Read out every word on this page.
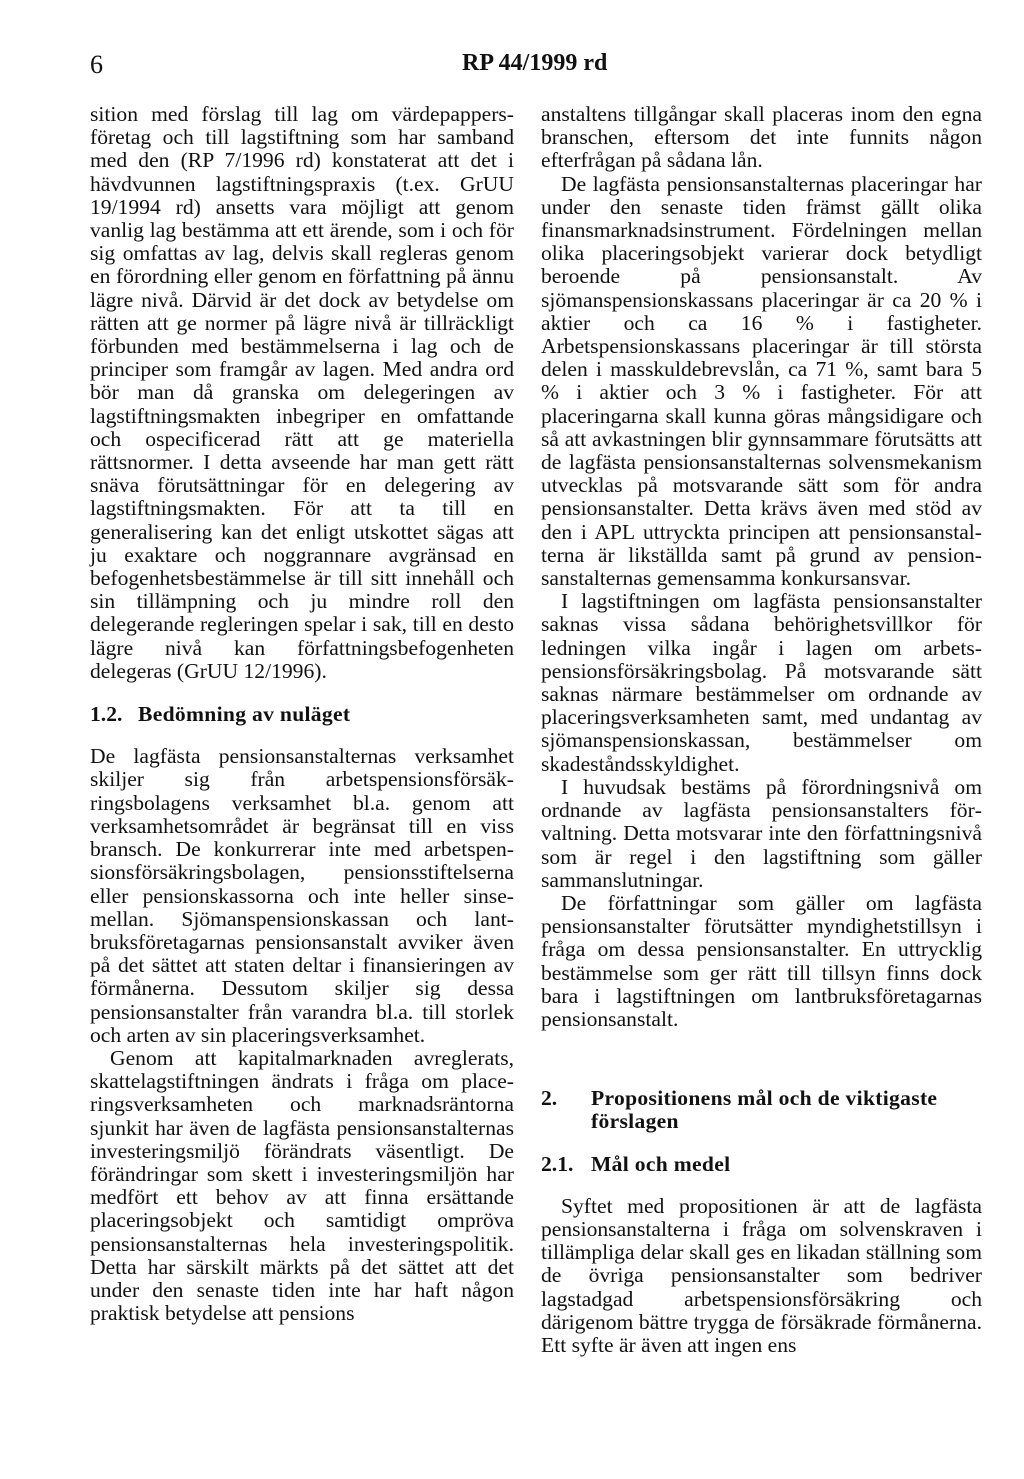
6	RP 44/1999 rd

sition med förslag till lag om värdepappersföretag och till lagstiftning som har samband med den (RP 7/1996 rd) konstaterat att det i hävdvunnen lagstiftningspraxis (t.ex. GrUU 19/1994 rd) ansetts vara möjligt att genom vanlig lag bestämma att ett ärende, som i och för sig omfattas av lag, delvis skall regleras genom en förordning eller genom en författning på ännu lägre nivå. Därvid är det dock av betydelse om rätten att ge normer på lägre nivå är tillräckligt förbunden med bestämmelserna i lag och de principer som framgår av lagen. Med andra ord bör man då granska om delegeringen av lagstiftningsmakten inbegriper en omfattande och ospecificerad rätt att ge materiella rättsnormer. I detta avseende har man gett rätt snäva förutsättningar för en delegering av lagstiftningsmakten. För att ta till en generalisering kan det enligt utskottet sägas att ju exaktare och noggrannare avgränsad en befogenhetsbestämmelse är till sitt innehåll och sin tillämpning och ju mindre roll den delegerande regleringen spelar i sak, till en desto lägre nivå kan författningsbefogenheten delegeras (GrUU 12/1996).

1.2. Bedömning av nuläget

De lagfästa pensionsanstalternas verksamhet skiljer sig från arbetspensionsförsäkringsbolagens verksamhet bl.a. genom att verksamhetsområdet är begränsat till en viss bransch. De konkurrerar inte med arbetspensionsförsäkringsbolagen, pensionsstiftelserna eller pensionskassorna och inte heller sinsemellan. Sjömanspensionskassan och lantbruksföretagarnas pensionsanstalt avviker även på det sättet att staten deltar i finansieringen av förmånerna. Dessutom skiljer sig dessa pensionsanstalter från varandra bl.a. till storlek och arten av sin placeringsverksamhet.

Genom att kapitalmarknaden avreglerats, skattelagstiftningen ändrats i fråga om placeringsverksamheten och marknadsräntorna sjunkit har även de lagfästa pensionsanstalternas investeringsmiljö förändrats väsentligt. De förändringar som skett i investeringsmiljön har medfört ett behov av att finna ersättande placeringsobjekt och samtidigt ompröva pensionsanstalternas hela investeringspolitik. Detta har särskilt märkts på det sättet att det under den senaste tiden inte har haft någon praktisk betydelse att pensions

anstaltens tillgångar skall placeras inom den egna branschen, eftersom det inte funnits någon efterfrågan på sådana lån.

De lagfästa pensionsanstalternas placeringar har under den senaste tiden främst gällt olika finansmarknadsinstrument. Fördelningen mellan olika placeringsobjekt varierar dock betydligt beroende på pensionsanstalt. Av sjömanspensionskassans placeringar är ca 20 % i aktier och ca 16 % i fastigheter. Arbetspensionskassans placeringar är till största delen i masskuldebrevslån, ca 71 %, samt bara 5 % i aktier och 3 % i fastigheter. För att placeringarna skall kunna göras mångsidigare och så att avkastningen blir gynnsammare förutsätts att de lagfästa pensionsanstalternas solvensmekanism utvecklas på motsvarande sätt som för andra pensionsanstalter. Detta krävs även med stöd av den i APL uttryckta principen att pensionsanstalterna är likställda samt på grund av pensionsanstalternas gemensamma konkursansvar.

I lagstiftningen om lagfästa pensionsanstalter saknas vissa sådana behörighetsvillkor för ledningen vilka ingår i lagen om arbetspensionsförsäkringsbolag. På motsvarande sätt saknas närmare bestämmelser om ordnande av placeringsverksamheten samt, med undantag av sjömanspensionskassan, bestämmelser om skadeståndsskyldighet.

I huvudsak bestäms på förordningsnivå om ordnande av lagfästa pensionsanstalters förvaltning. Detta motsvarar inte den författningsnivå som är regel i den lagstiftning som gäller sammanslutningar.

De författningar som gäller om lagfästa pensionsanstalter förutsätter myndighetstillsyn i fråga om dessa pensionsanstalter. En uttrycklig bestämmelse som ger rätt till tillsyn finns dock bara i lagstiftningen om lantbruksföretagarnas pensionsanstalt.

2.	Propositionens mål och de viktigaste förslagen
2.1. Mål och medel

Syftet med propositionen är att de lagfästa pensionsanstalterna i fråga om solvenskraven i tillämpliga delar skall ges en likadan ställning som de övriga pensionsanstalter som bedriver lagstadgad arbetspensionsförsäkring och därigenom bättre trygga de försäkrade förmånerna. Ett syfte är även att ingen ens
